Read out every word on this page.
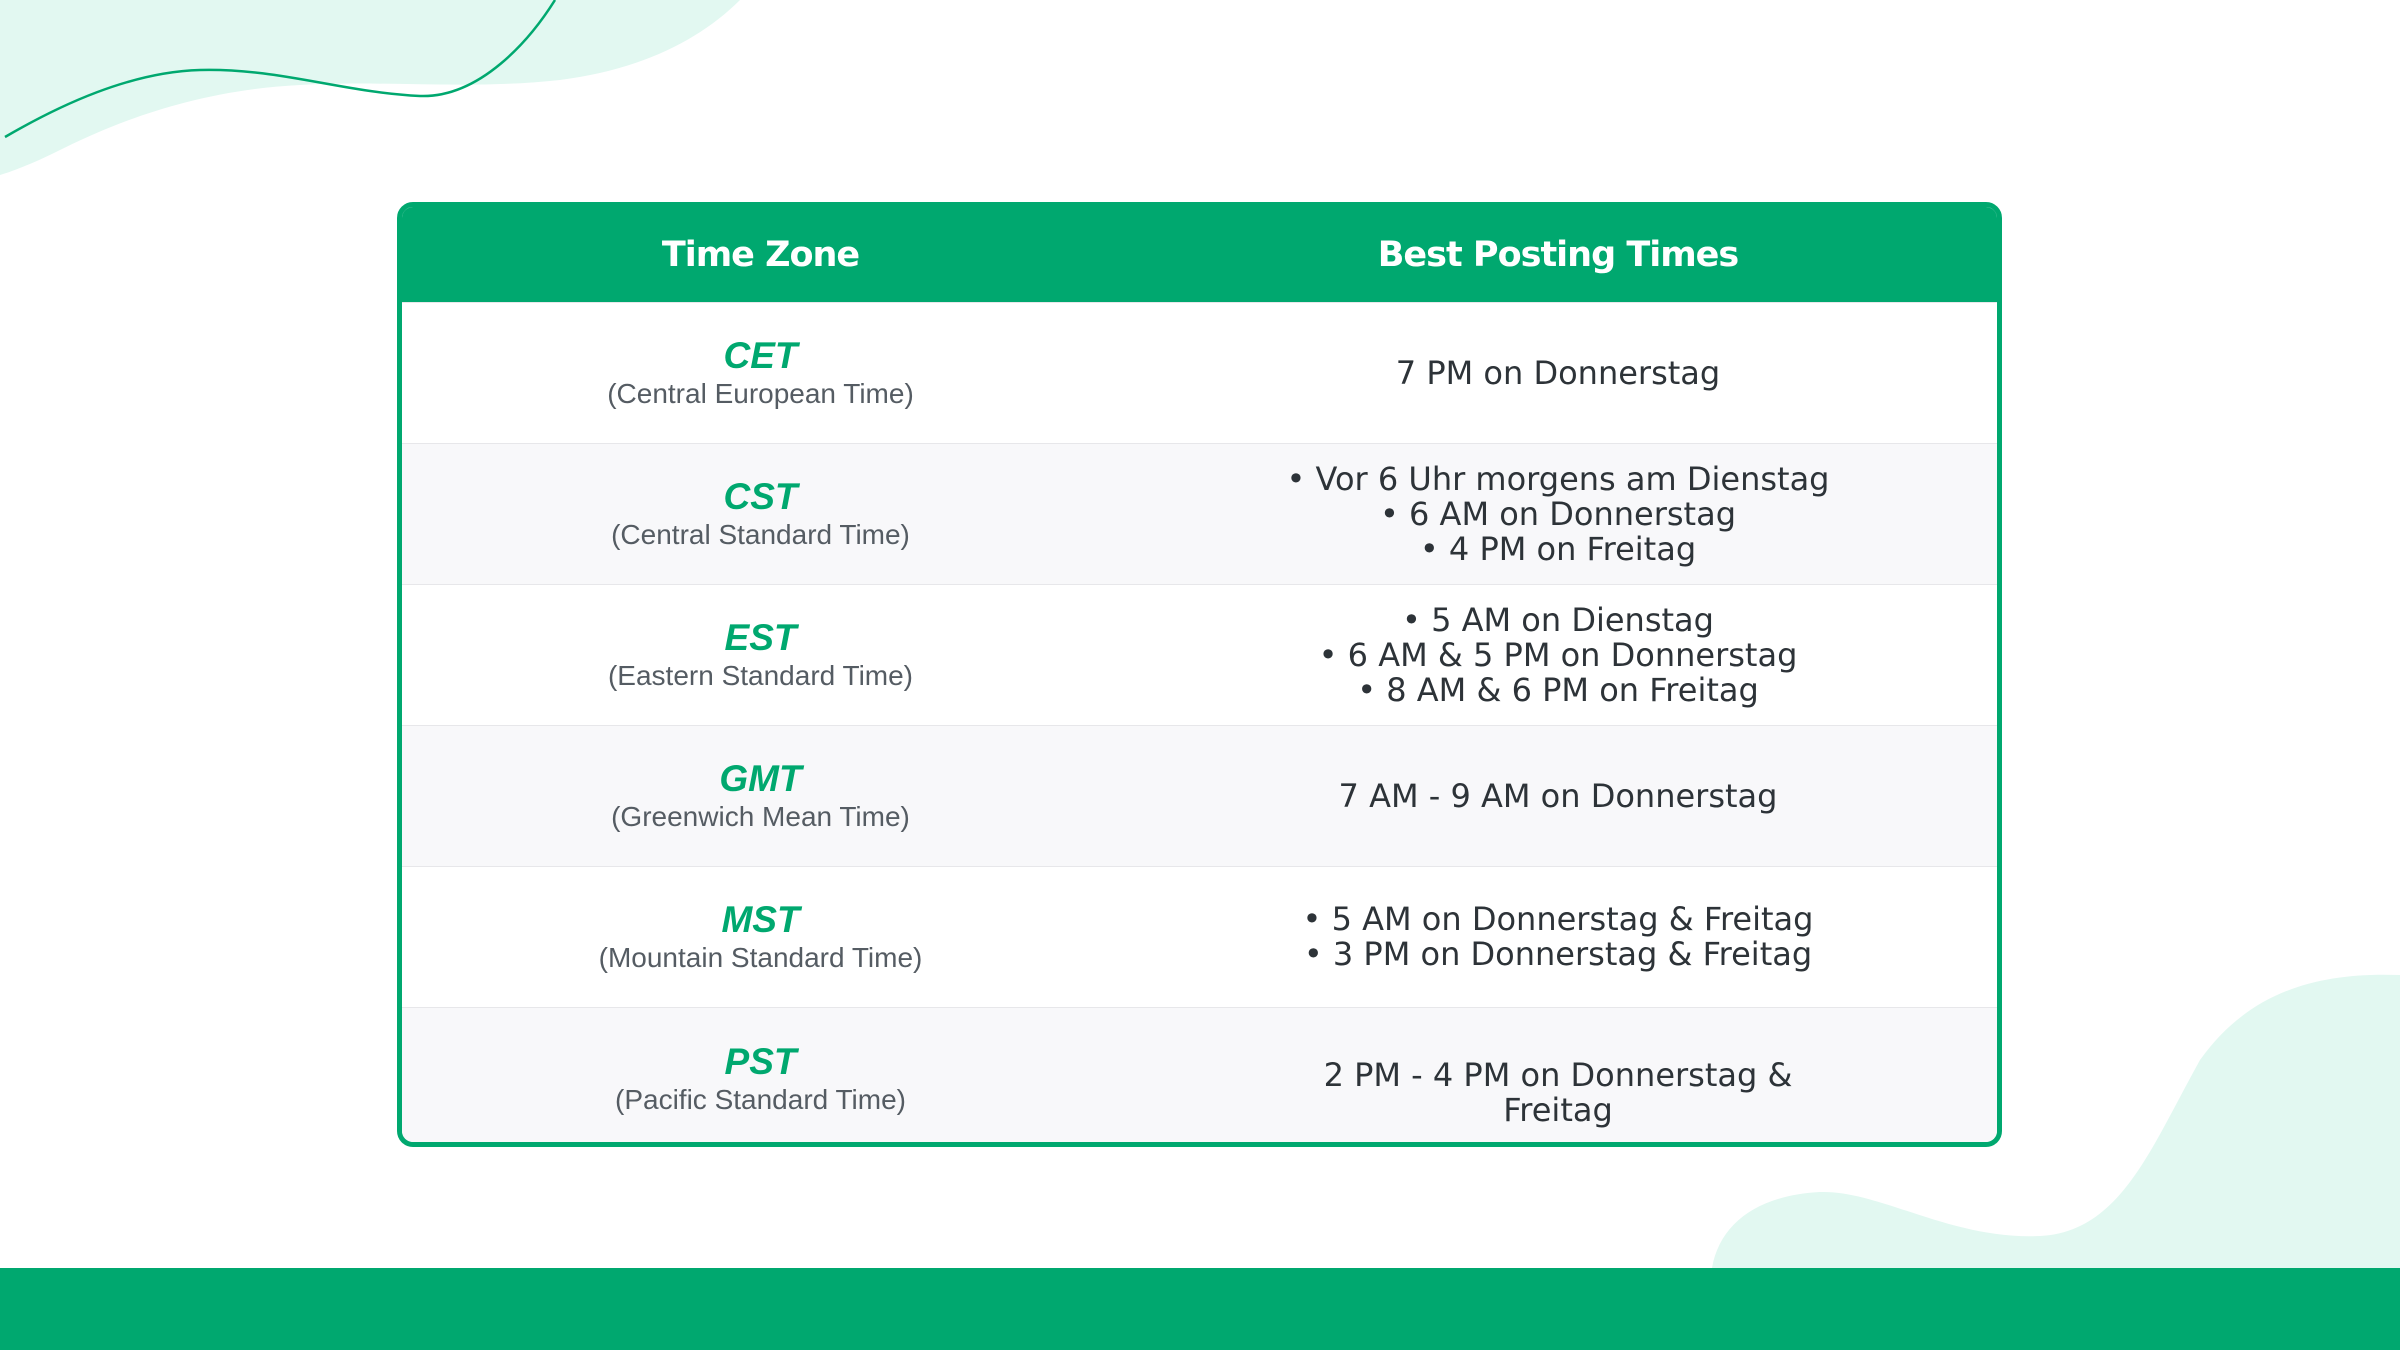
Time Zone	Best Posting Times
CET
(Central European Time)
7 PM on Donnerstag
CST
(Central Standard Time)
• Vor 6 Uhr morgens am Dienstag
• 6 AM on Donnerstag
• 4 PM on Freitag
EST
(Eastern Standard Time)
• 5 AM on Dienstag
• 6 AM & 5 PM on Donnerstag
• 8 AM & 6 PM on Freitag
GMT
(Greenwich Mean Time)
7 AM - 9 AM on Donnerstag
MST
(Mountain Standard Time)
• 5 AM on Donnerstag & Freitag
• 3 PM on Donnerstag & Freitag
PST
(Pacific Standard Time)
2 PM - 4 PM on Donnerstag &
Freitag
